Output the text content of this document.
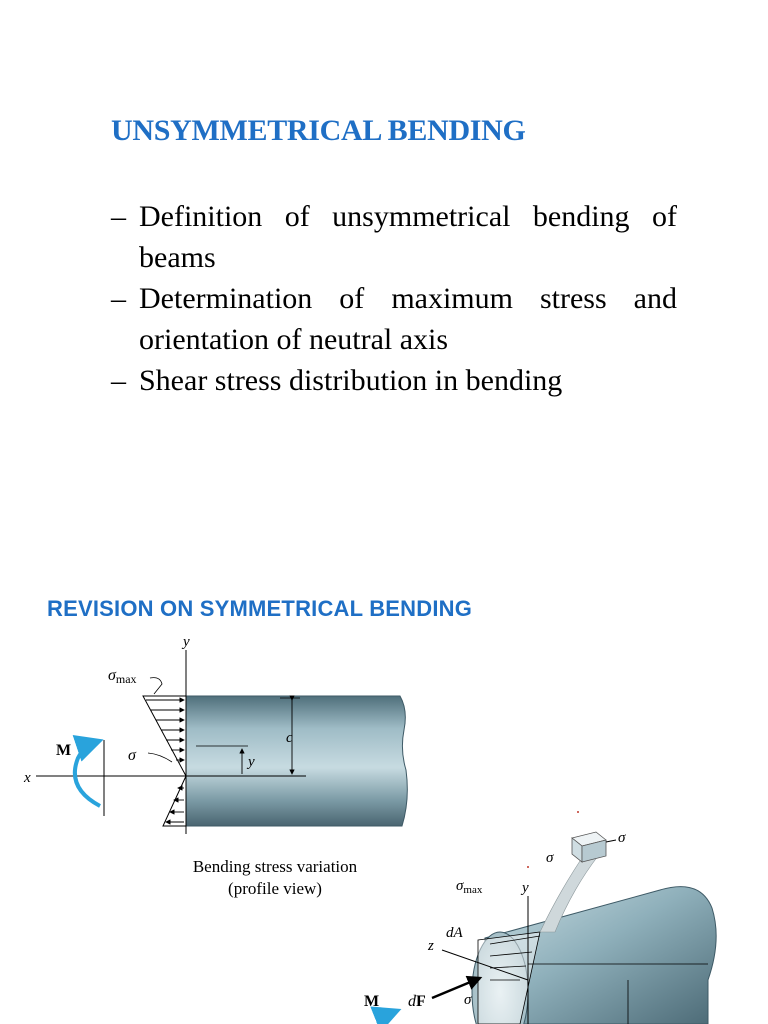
UNSYMMETRICAL BENDING
– Definition of unsymmetrical bending of beams
– Determination of maximum stress and orientation of neutral axis
– Shear stress distribution in bending
REVISION ON SYMMETRICAL BENDING
y
σmax
M	σ	y
c
x
σ
σ
$\sigma_{max}$	y
dA
z
M dF	σ
Bending stress variation
(profile view)
